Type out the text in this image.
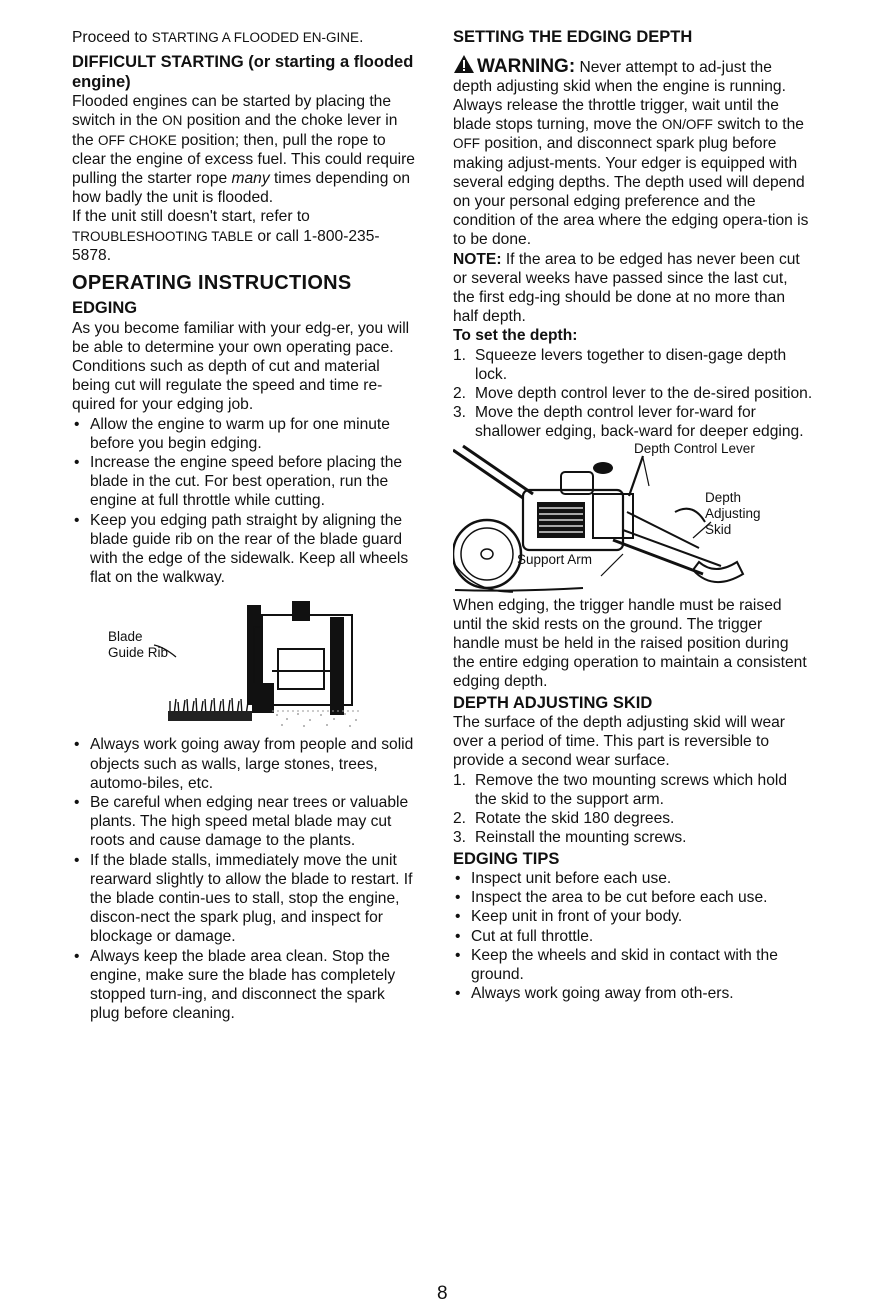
Proceed to STARTING A FLOODED EN-GINE.

DIFFICULT STARTING (or starting a flooded engine)

Flooded engines can be started by placing the switch in the ON position and the choke lever in the OFF CHOKE position; then, pull the rope to clear the engine of excess fuel. This could require pulling the starter rope many times depending on how badly the unit is flooded.

If the unit still doesn't start, refer to TROUBLESHOOTING TABLE or call 1-800-235-5878.

OPERATING INSTRUCTIONS

EDGING

As you become familiar with your edg-er, you will be able to determine your own operating pace. Conditions such as depth of cut and material being cut will regulate the speed and time re-quired for your edging job.

• Allow the engine to warm up for one minute before you begin edging.
• Increase the engine speed before placing the blade in the cut. For best operation, run the engine at full throttle while cutting.
• Keep you edging path straight by aligning the blade guide rib on the rear of the blade guard with the edge of the sidewalk. Keep all wheels flat on the walkway.
Blade
Guide Rib
• Always work going away from people and solid objects such as walls, large stones, trees, automo-biles, etc.
• Be careful when edging near trees or valuable plants. The high speed metal blade may cut roots and cause damage to the plants.
• If the blade stalls, immediately move the unit rearward slightly to allow the blade to restart. If the blade contin-ues to stall, stop the engine, discon-nect the spark plug, and inspect for blockage or damage.
• Always keep the blade area clean. Stop the engine, make sure the blade has completely stopped turn-ing, and disconnect the spark plug before cleaning.

SETTING THE EDGING DEPTH

WARNING: Never attempt to ad-just the depth adjusting skid when the engine is running. Always release the throttle trigger, wait until the blade stops turning, move the ON/OFF switch to the OFF position, and disconnect spark plug before making adjust-ments. Your edger is equipped with several edging depths. The depth used will depend on your personal edging preference and the condition of the area where the edging opera-tion is to be done.

NOTE: If the area to be edged has never been cut or several weeks have passed since the last cut, the first edg-ing should be done at no more than half depth.

To set the depth:

1. Squeeze levers together to disen-gage depth lock.
2. Move depth control lever to the de-sired position.
3. Move the depth control lever for-ward for shallower edging, back-ward for deeper edging.
Depth Control Lever
Depth
Adjusting
Skid
Support Arm

When edging, the trigger handle must be raised until the skid rests on the ground. The trigger handle must be held in the raised position during the entire edging operation to maintain a consistent edging depth.

DEPTH ADJUSTING SKID

The surface of the depth adjusting skid will wear over a period of time. This part is reversible to provide a second wear surface.

1. Remove the two mounting screws which hold the skid to the support arm.
2. Rotate the skid 180 degrees.
3. Reinstall the mounting screws.

EDGING TIPS

• Inspect unit before each use.
• Inspect the area to be cut before each use.
• Keep unit in front of your body.
• Cut at full throttle.
• Keep the wheels and skid in contact with the ground.
• Always work going away from oth-ers.
8
